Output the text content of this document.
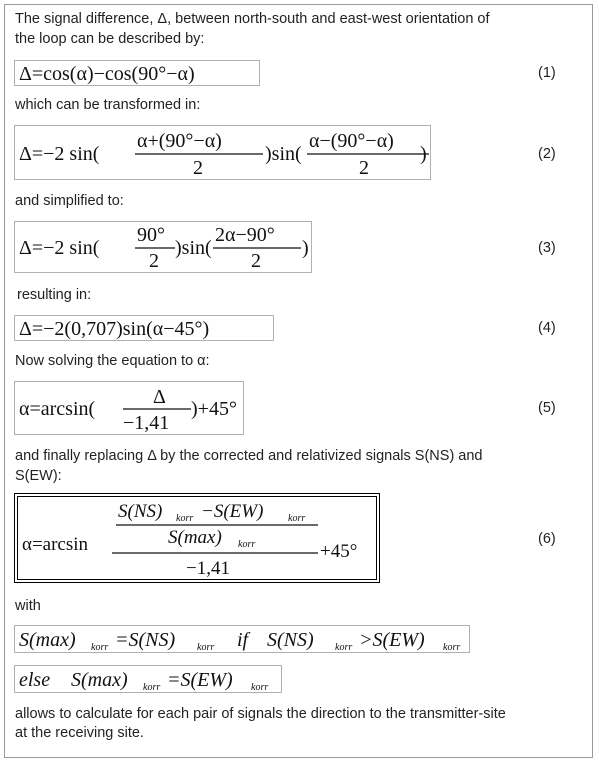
The signal difference, Δ, between north-south and east-west orientation of
the loop can be described by:
Δ=cos(α)−cos(90°−α)	(1)
which can be transformed in:
Δ=−2 sin(
α+(90°−α)
2
)sin(
α−(90°−α)
2
)	(2)
and simplified to:
Δ=−2 sin(
90°
2
)sin(
2α−90°
2
)	(3)
resulting in:
Δ=−2(0,707)sin(α−45°)	(4)
Now solving the equation to α:
α=arcsin(
Δ
−1,41
)+45°	(5)
and finally replacing Δ by the corrected and relativized signals S(NS) and
S(EW):
α=arcsin
S(NS) korr −S(EW) korr
S(max) korr
−1,41
+45°
(6)
with
S(max) korr =S(NS) korr if S(NS) korr >S(EW) korr
else S(max) korr =S(EW) korr
allows to calculate for each pair of signals the direction to the transmitter-site
at the receiving site.
